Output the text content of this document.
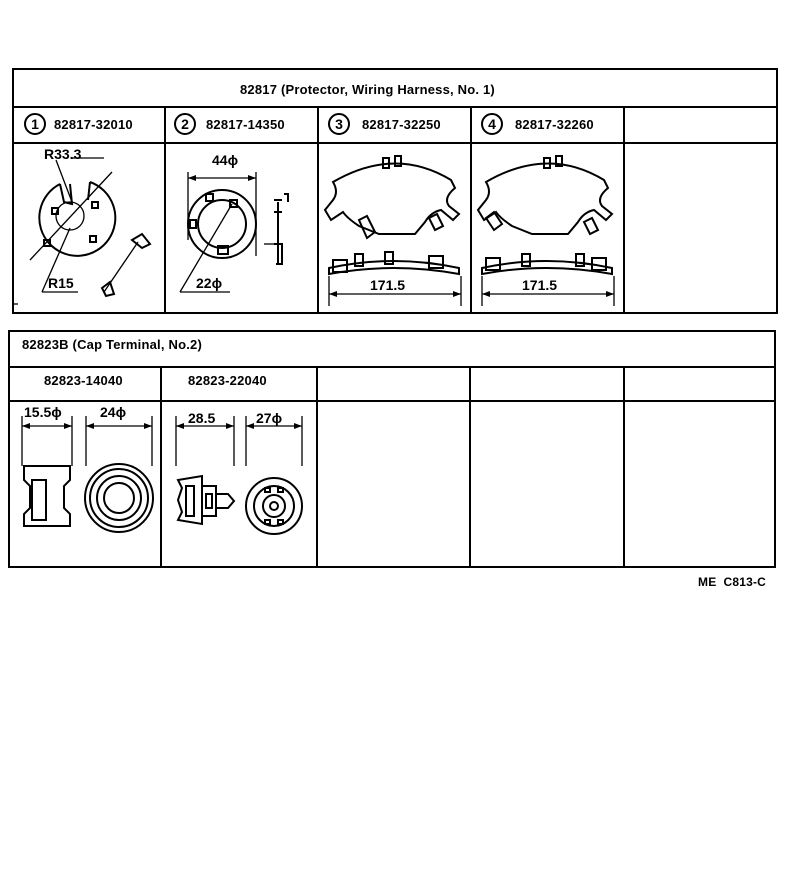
82817 (Protector, Wiring Harness, No. 1)
1	82817-32010	2	82817-14350	3	82817-32250	4	82817-32260
R33.3
R15
44ϕ
22ϕ	171.5	171.5
82823B (Cap Terminal, No.2)
82823-14040	82823-22040
15.5ϕ	24ϕ	28.5	27ϕ
ME  C813-C
